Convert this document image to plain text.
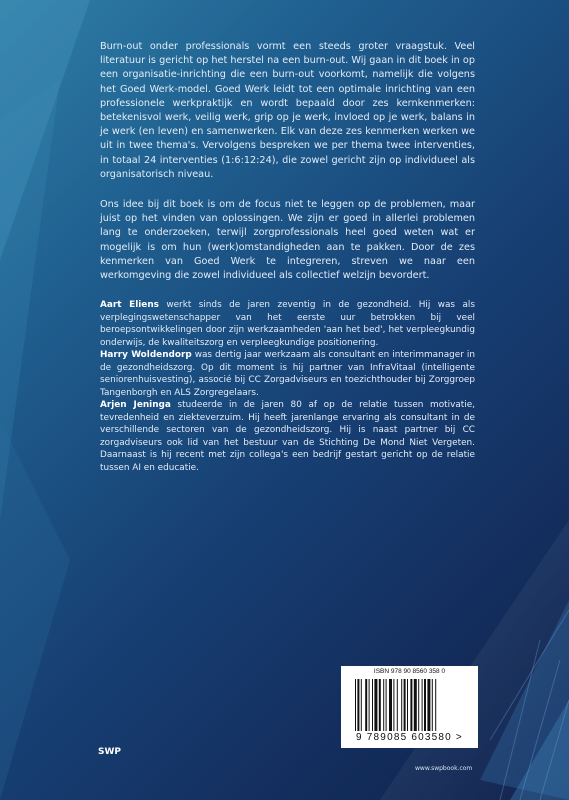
Burn-out onder professionals vormt een steeds groter vraagstuk. Veel literatuur is gericht op het herstel na een burn-out. Wij gaan in dit boek in op een organisatie-inrichting die een burn-out voorkomt, namelijk die volgens het Goed Werk-model. Goed Werk leidt tot een optimale inrichting van een professionele werkpraktijk en wordt bepaald door zes kernkenmerken: betekenisvol werk, veilig werk, grip op je werk, invloed op je werk, balans in je werk (en leven) en samenwerken. Elk van deze zes kenmerken werken we uit in twee thema's. Vervolgens bespreken we per thema twee interventies, in totaal 24 interventies (1:6:12:24), die zowel gericht zijn op individueel als organisatorisch niveau.

Ons idee bij dit boek is om de focus niet te leggen op de problemen, maar juist op het vinden van oplossingen. We zijn er goed in allerlei problemen lang te onderzoeken, terwijl zorgprofessionals heel goed weten wat er mogelijk is om hun (werk)omstandigheden aan te pakken. Door de zes kenmerken van Goed Werk te integreren, streven we naar een werkomgeving die zowel individueel als collectief welzijn bevordert.

Aart Eliens werkt sinds de jaren zeventig in de gezondheid. Hij was als verplegingswetenschapper van het eerste uur betrokken bij veel beroepsontwikkelingen door zijn werkzaamheden 'aan het bed', het verpleegkundig onderwijs, de kwaliteitszorg en verpleegkundige positionering.

Harry Woldendorp was dertig jaar werkzaam als consultant en interimmanager in de gezondheidszorg. Op dit moment is hij partner van InfraVitaal (intelligente seniorenhuisvesting), associé bij CC Zorgadviseurs en toezichthouder bij Zorggroep Tangenborgh en ALS Zorgregelaars.

Arjen Jeninga studeerde in de jaren 80 af op de relatie tussen motivatie, tevredenheid en ziekteverzuim. Hij heeft jarenlange ervaring als consultant in de verschillende sectoren van de gezondheidszorg. Hij is naast partner bij CC zorgadviseurs ook lid van het bestuur van de Stichting De Mond Niet Vergeten. Daarnaast is hij recent met zijn collega's een bedrijf gestart gericht op de relatie tussen AI en educatie.

ISBN 978 90 8560 358 0
9 789085 603580 >
SWP
www.swpbook.com
